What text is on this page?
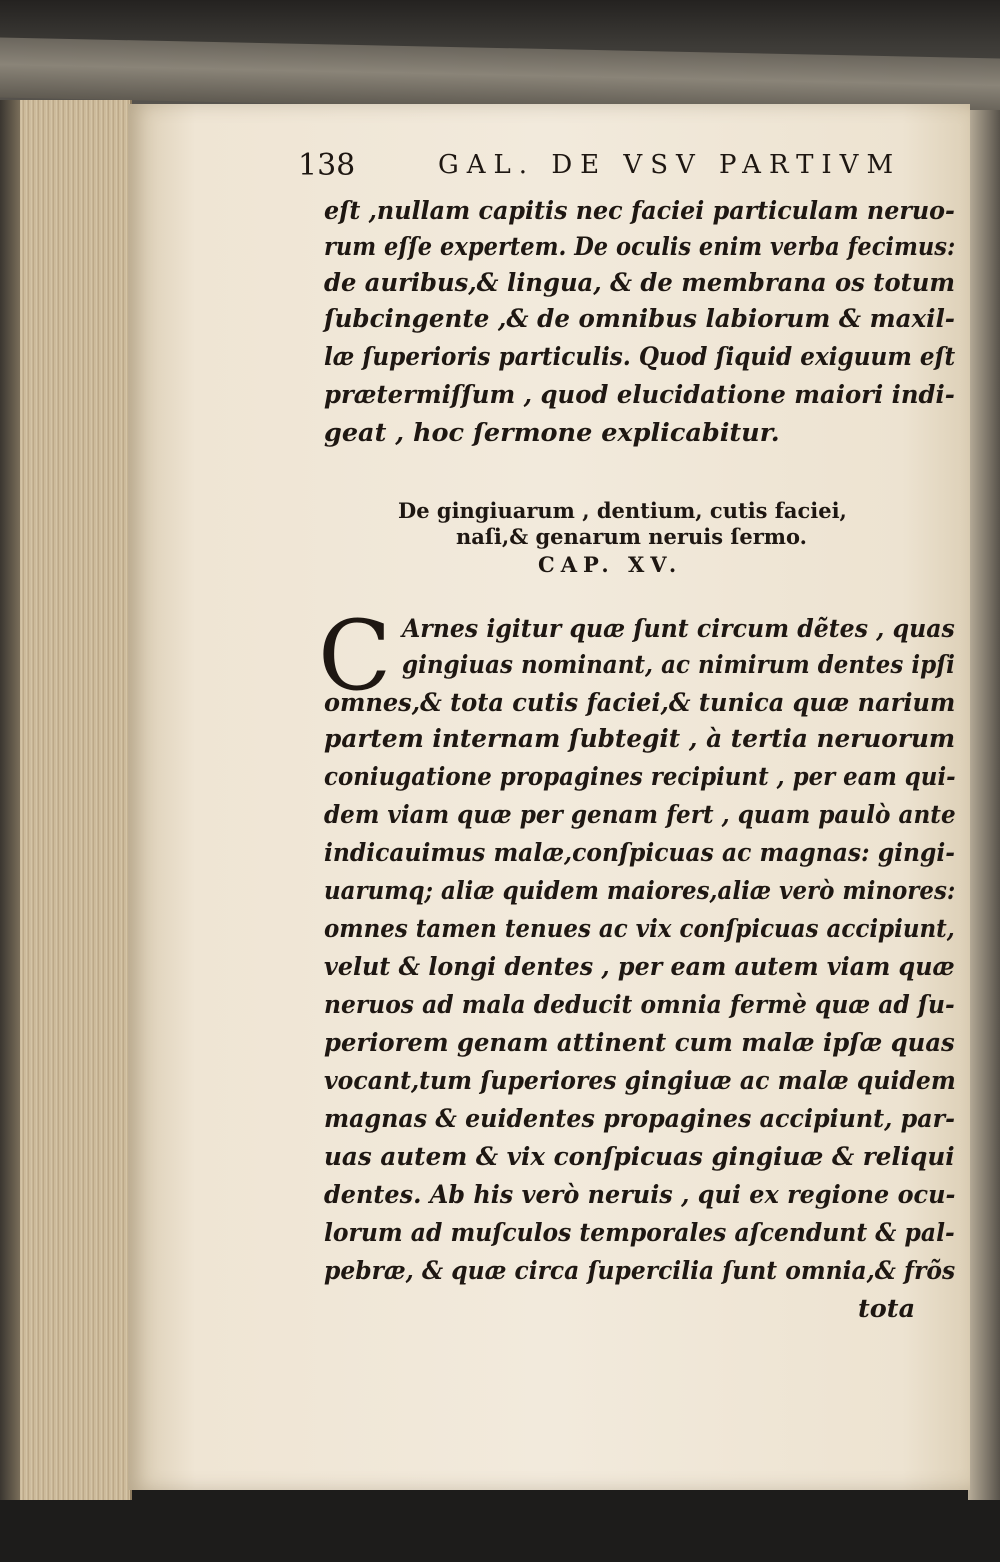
138	GAL. DE VSV PARTIVM
eſt ,nullam capitis nec faciei particulam neruo-
rum eſſe expertem. De oculis enim verba fecimus:
de auribus,& lingua, & de membrana os totum
ſubcingente ,& de omnibus labiorum & maxil-
læ ſuperioris particulis. Quod ſiquid exiguum eſt
prætermiſſum , quod elucidatione maiori indi-
geat , hoc ſermone explicabitur.
De gingiuarum , dentium, cutis faciei,
naſi,& genarum neruis ſermo.
CAP. XV.
C Arnes igitur quæ ſunt circum dẽtes , quas
gingiuas nominant, ac nimirum dentes ipſi
omnes,& tota cutis faciei,& tunica quæ narium
partem internam ſubtegit , à tertia neruorum
coniugatione propagines recipiunt , per eam qui-
dem viam quæ per genam fert , quam paulò ante
indicauimus malæ,conſpicuas ac magnas: gingi-
uarumq; aliæ quidem maiores,aliæ verò minores:
omnes tamen tenues ac vix conſpicuas accipiunt,
velut & longi dentes , per eam autem viam quæ
neruos ad mala deducit omnia fermè quæ ad ſu-
periorem genam attinent cum malæ ipſæ quas
vocant,tum ſuperiores gingiuæ ac malæ quidem
magnas & euidentes propagines accipiunt, par-
uas autem & vix conſpicuas gingiuæ & reliqui
dentes. Ab his verò neruis , qui ex regione ocu-
lorum ad muſculos temporales aſcendunt & pal-
pebræ, & quæ circa ſupercilia ſunt omnia,& frõs
tota
